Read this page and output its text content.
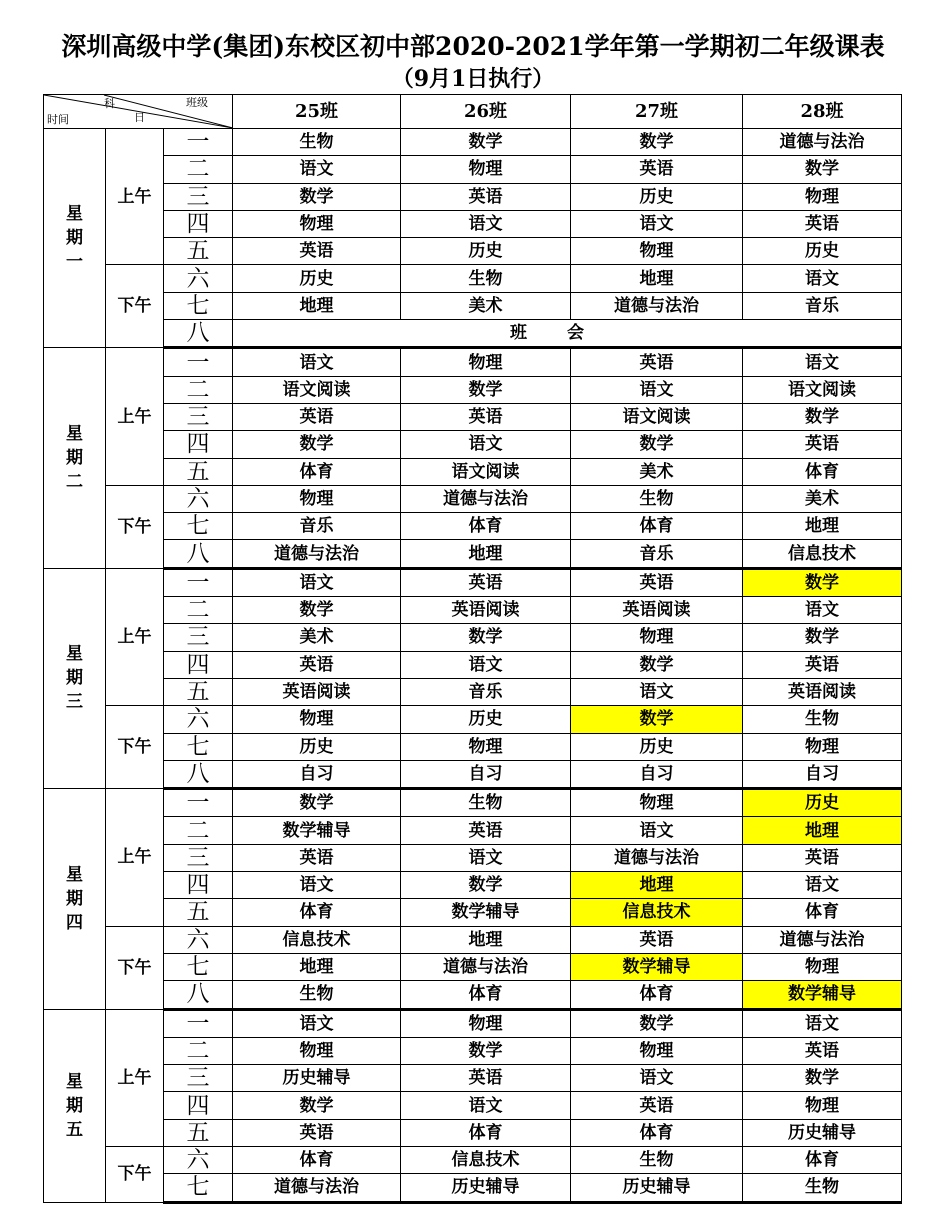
深圳高级中学(集团)东校区初中部2020-2021学年第一学期初二年级课表
（9月1日执行）
班级
科
日
时间			25班	26班	27班	28班

星
期
一	上午	一	生物	数学	数学	道德与法治
		二	语文	物理	英语	数学
		三	数学	英语	历史	物理
		四	物理	语文	语文	英语
		五	英语	历史	物理	历史
	下午	六	历史	生物	地理	语文
		七	地理	美术	道德与法治	音乐
		八	班会			

星
期
二	上午	一	语文	物理	英语	语文
		二	语文阅读	数学	语文	语文阅读
		三	英语	英语	语文阅读	数学
		四	数学	语文	数学	英语
		五	体育	语文阅读	美术	体育
	下午	六	物理	道德与法治	生物	美术
		七	音乐	体育	体育	地理
		八	道德与法治	地理	音乐	信息技术

星
期
三	上午	一	语文	英语	英语	数学
		二	数学	英语阅读	英语阅读	语文
		三	美术	数学	物理	数学
		四	英语	语文	数学	英语
		五	英语阅读	音乐	语文	英语阅读
	下午	六	物理	历史	数学	生物
		七	历史	物理	历史	物理
		八	自习	自习	自习	自习

星
期
四	上午	一	数学	生物	物理	历史
		二	数学辅导	英语	语文	地理
		三	英语	语文	道德与法治	英语
		四	语文	数学	地理	语文
		五	体育	数学辅导	信息技术	体育
	下午	六	信息技术	地理	英语	道德与法治
		七	地理	道德与法治	数学辅导	物理
		八	生物	体育	体育	数学辅导

星
期
五	上午	一	语文	物理	数学	语文
		二	物理	数学	物理	英语
		三	历史辅导	英语	语文	数学
		四	数学	语文	英语	物理
		五	英语	体育	体育	历史辅导
	下午	六	体育	信息技术	生物	体育
		七	道德与法治	历史辅导	历史辅导	生物
